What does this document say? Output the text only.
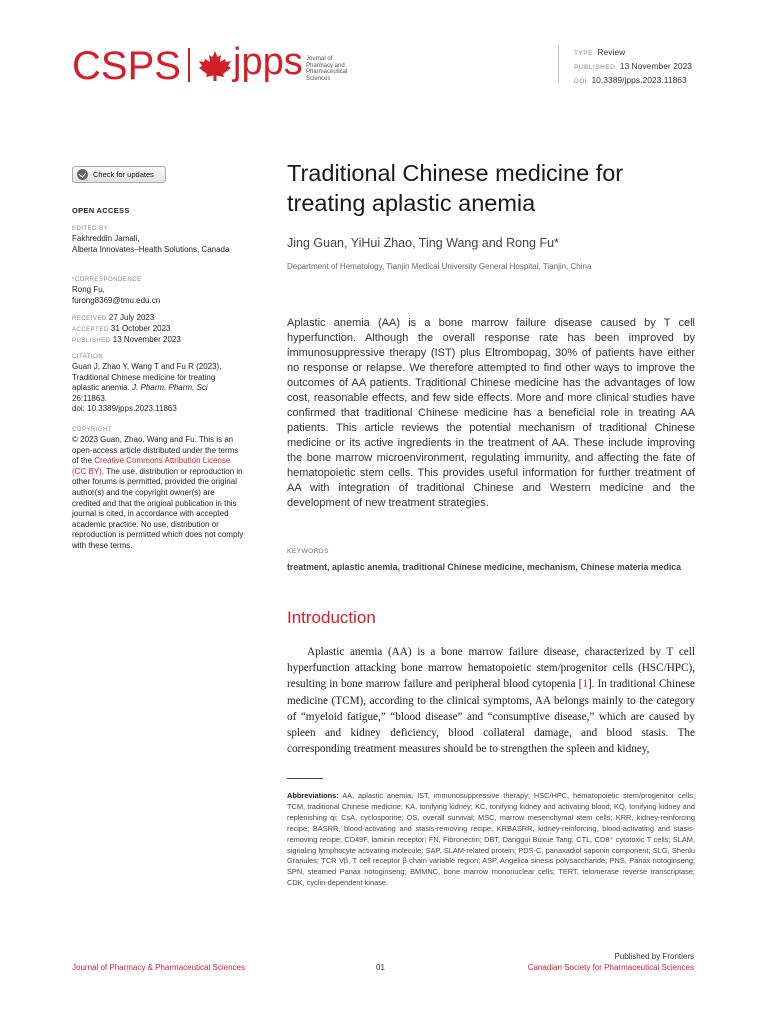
CSPS jpps Journal of
Pharmacy and
Pharmaceutical
Sciences
TYPE Review
PUBLISHED 13 November 2023
DOI 10.3389/jpps.2023.11863
Check for updates
OPEN ACCESS
EDITED BY
Fakhreddin Jamali,
Alberta Innovates–Health Solutions, Canada
*CORRESPONDENCE
Rong Fu,
furong8369@tmu.edu.cn
RECEIVED 27 July 2023
ACCEPTED 31 October 2023
PUBLISHED 13 November 2023
CITATION
Guan J, Zhao Y, Wang T and Fu R (2023), Traditional Chinese medicine for treating aplastic anemia. J. Pharm. Pharm. Sci 26:11863.
doi: 10.3389/jpps.2023.11863
COPYRIGHT
© 2023 Guan, Zhao, Wang and Fu. This is an open-access article distributed under the terms of the Creative Commons Attribution License (CC BY). The use, distribution or reproduction in other forums is permitted, provided the original author(s) and the copyright owner(s) are credited and that the original publication in this journal is cited, in accordance with accepted academic practice. No use, distribution or reproduction is permitted which does not comply with these terms.
Traditional Chinese medicine for treating aplastic anemia
Jing Guan, YiHui Zhao, Ting Wang and Rong Fu*
Department of Hematology, Tianjin Medical University General Hospital, Tianjin, China
Aplastic anemia (AA) is a bone marrow failure disease caused by T cell hyperfunction. Although the overall response rate has been improved by immunosuppressive therapy (IST) plus Eltrombopag, 30% of patients have either no response or relapse. We therefore attempted to find other ways to improve the outcomes of AA patients. Traditional Chinese medicine has the advantages of low cost, reasonable effects, and few side effects. More and more clinical studies have confirmed that traditional Chinese medicine has a beneficial role in treating AA patients. This article reviews the potential mechanism of traditional Chinese medicine or its active ingredients in the treatment of AA. These include improving the bone marrow microenvironment, regulating immunity, and affecting the fate of hematopoietic stem cells. This provides useful information for further treatment of AA with integration of traditional Chinese and Western medicine and the development of new treatment strategies.
KEYWORDS
treatment, aplastic anemia, traditional Chinese medicine, mechanism, Chinese materia medica
Introduction
Aplastic anemia (AA) is a bone marrow failure disease, characterized by T cell hyperfunction attacking bone marrow hematopoietic stem/progenitor cells (HSC/HPC), resulting in bone marrow failure and peripheral blood cytopenia [1]. In traditional Chinese medicine (TCM), according to the clinical symptoms, AA belongs mainly to the category of “myeloid fatigue,” “blood disease” and “consumptive disease,” which are caused by spleen and kidney deficiency, blood collateral damage, and blood stasis. The corresponding treatment measures should be to strengthen the spleen and kidney,
Abbreviations: AA, aplastic anemia; IST, immunosuppressive therapy; HSC/HPC, hematopoietic stem/progenitor cells; TCM, traditional Chinese medicine; KA, tonifying kidney; KC, tonifying kidney and activating blood; KQ, tonifying kidney and replenishing qi; CsA, cyclosporine; OS, overall survival; MSC, marrow mesenchymal stem cells; KRR, kidney-reinforcing recipe; BASRR, blood-activating and stasis-removing recipe; KRBASRR, kidney-reinforcing, blood-activating and stasis-removing recipe; CD49F, laminin receptor; FN, Fibronectin; DBT, Danggui Buxue Tang; CTL, CD8⁺ cytotoxic T cells; SLAM, signaling lymphocyte activating molecule; SAP, SLAM-related protein; PDS-C, panaxadiol saponin component; SLG, Shenlu Granules; TCR Vβ, T cell receptor β chain variable region; ASP, Angelica sinesis polysaccharide; PNS, Panax notoginseng; SPN, steamed Panax notoginseng; BMMNC, bone marrow mononuclear cells; TERT, telomerase reverse transcriptase; CDK, cyclin-dependent kinase.
Journal of Pharmacy & Pharmaceutical Sciences	01
Published by Frontiers
Canadian Society for Pharmaceutical Sciences
